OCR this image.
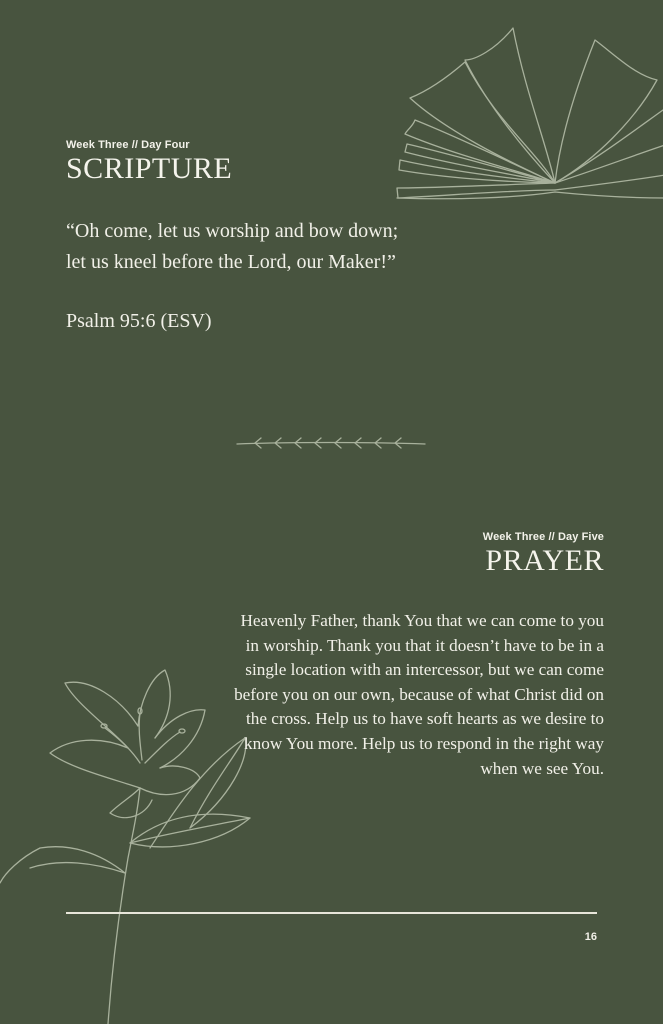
Week Three // Day Four
SCRIPTURE
“Oh come, let us worship and bow down;
let us kneel before the Lord, our Maker!”
Psalm 95:6 (ESV)
Week Three // Day Five
PRAYER
Heavenly Father, thank You that we can come to you
in worship. Thank you that it doesn’t have to be in a
single location with an intercessor, but we can come
before you on our own, because of what Christ did on
the cross. Help us to have soft hearts as we desire to
know You more. Help us to respond in the right way
when we see You.
16
